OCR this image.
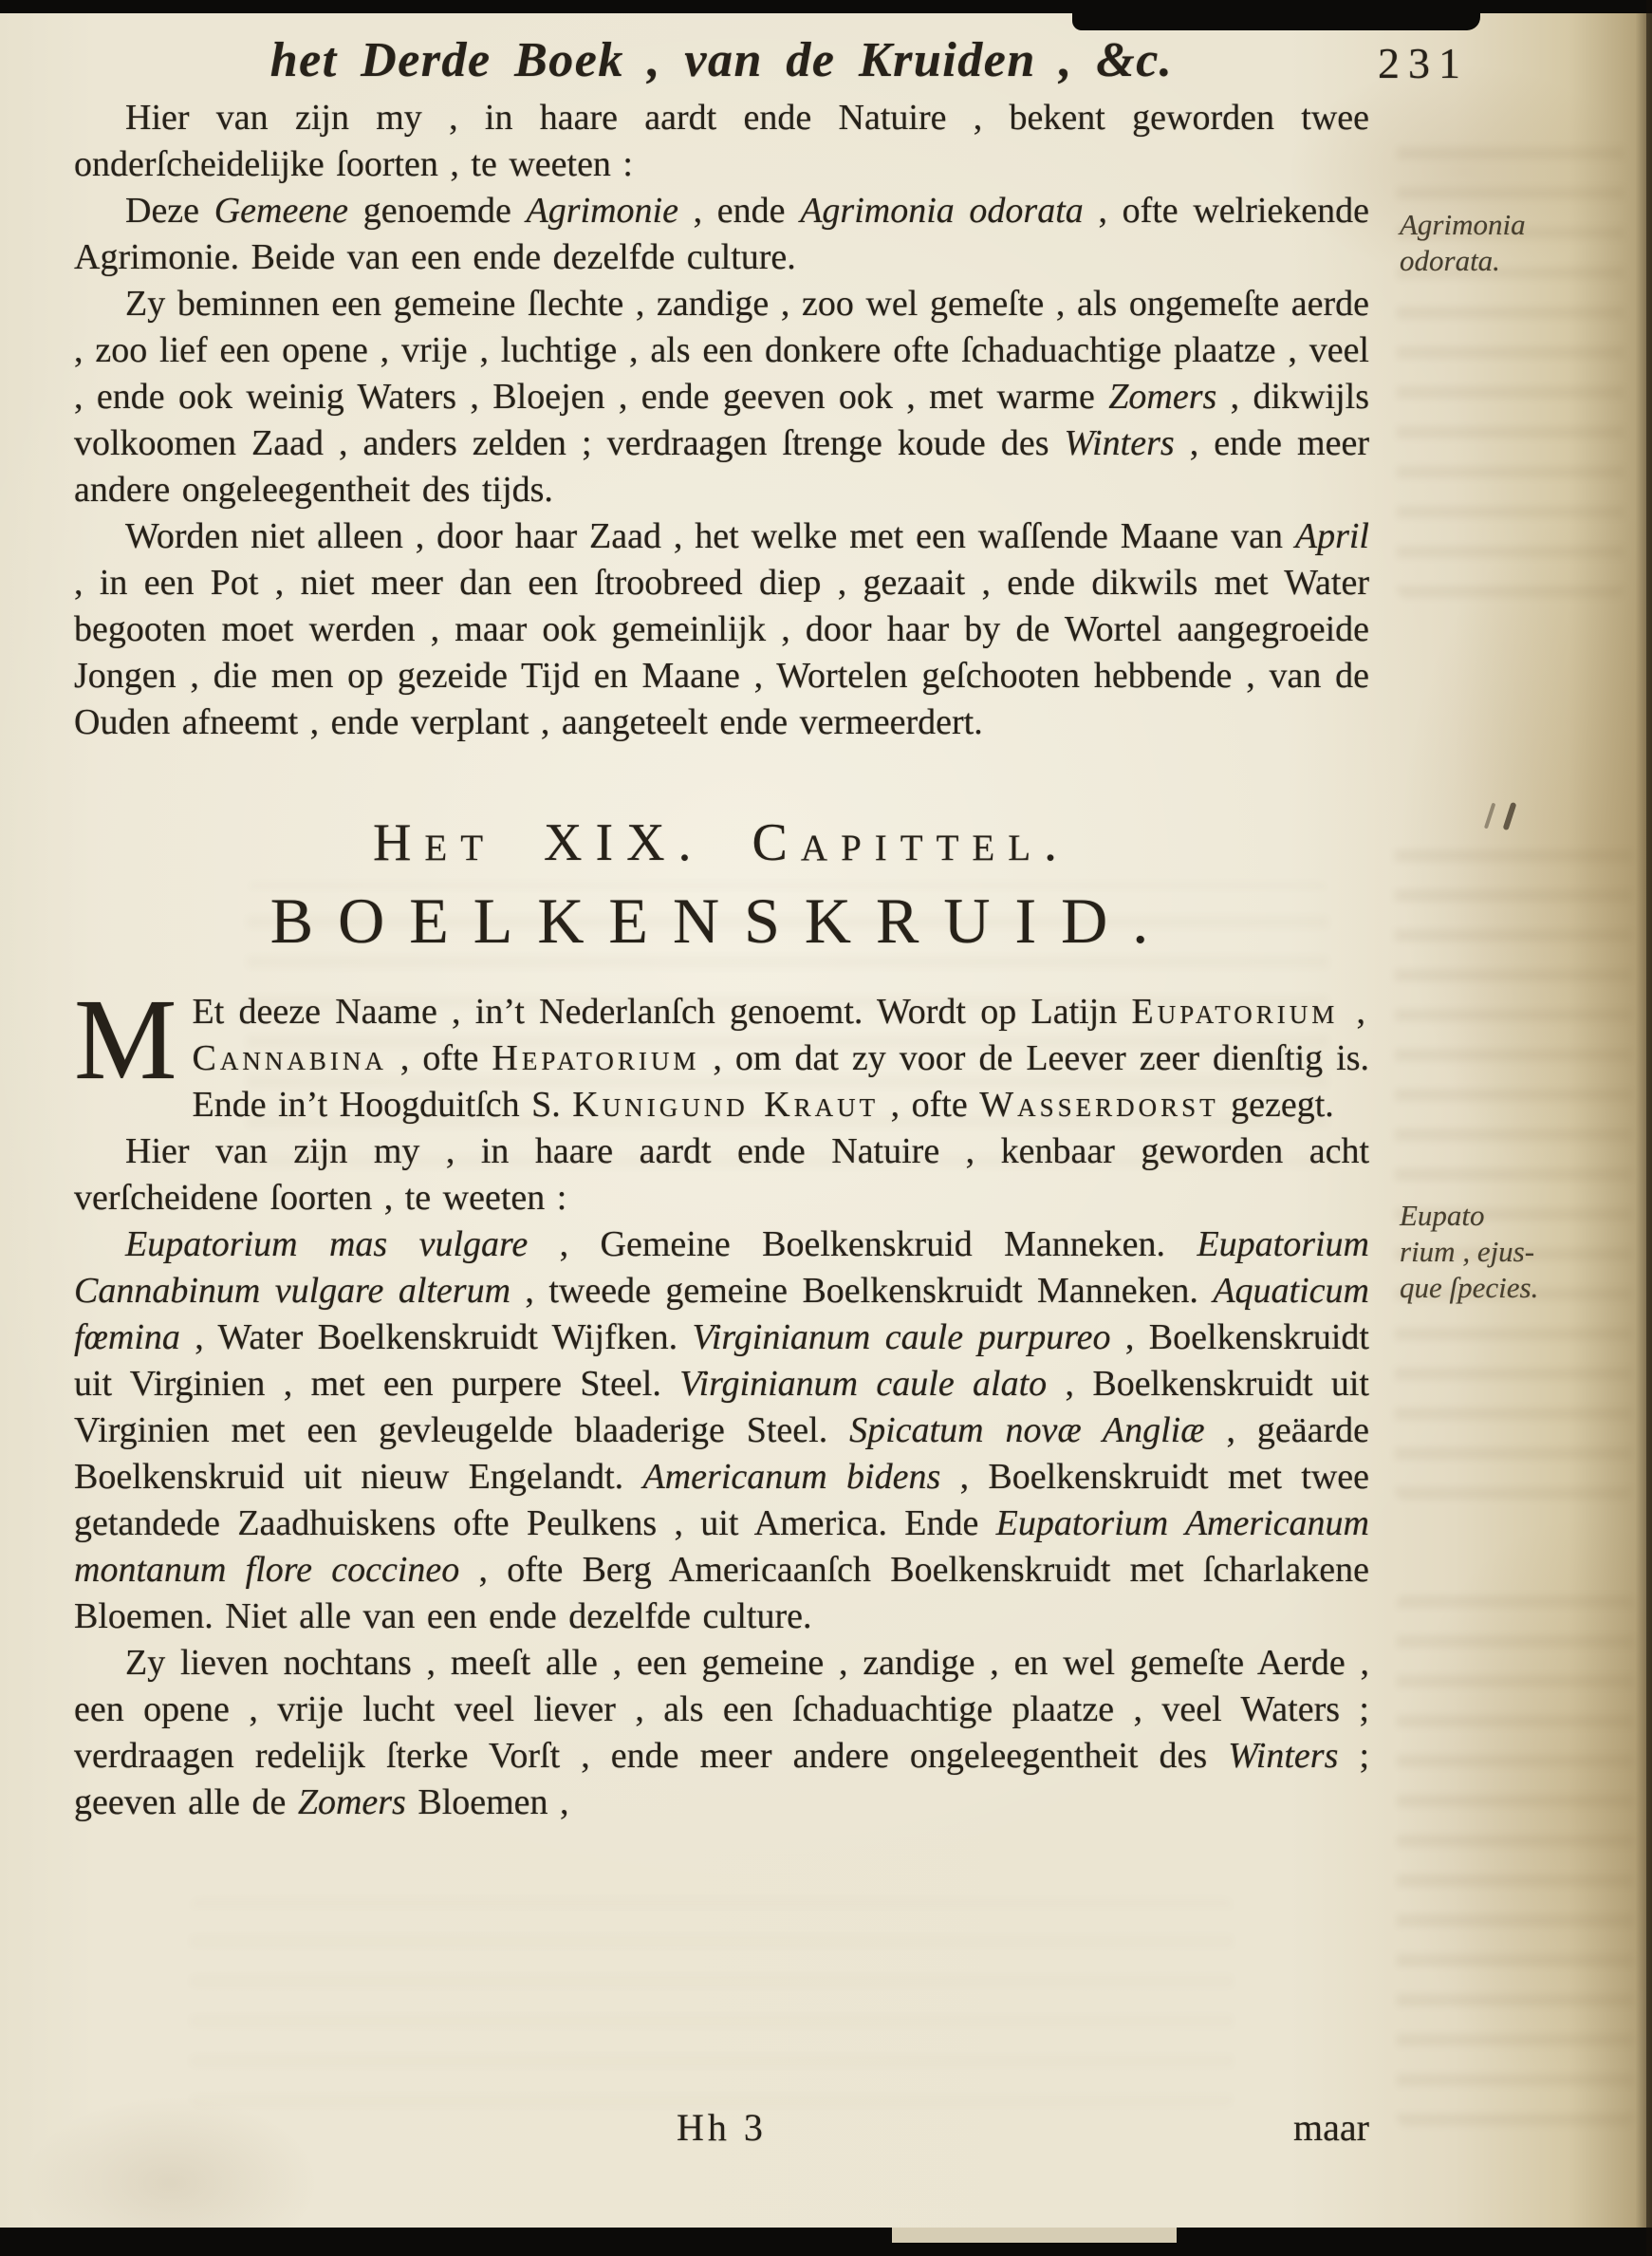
het Derde Boek , van de Kruiden , &c.	231

Hier van zijn my , in haare aardt ende Natuire , bekent geworden twee onderſcheidelijke ſoorten , te weeten :

Deze Gemeene genoemde Agrimonie , ende Agrimonia odorata , ofte welriekende Agrimonie. Beide van een ende dezelfde culture.

Zy beminnen een gemeine ſlechte , zandige , zoo wel gemeſte , als ongemeſte aerde , zoo lief een opene , vrije , luchtige , als een donkere ofte ſchaduachtige plaatze , veel , ende ook weinig Waters , Bloejen , ende geeven ook , met warme Zomers , dikwijls volkoomen Zaad , anders zelden ; verdraagen ſtrenge koude des Winters , ende meer andere ongeleegentheit des tijds.

Worden niet alleen , door haar Zaad , het welke met een waſſende Maane van April , in een Pot , niet meer dan een ſtroobreed diep , gezaait , ende dikwils met Water begooten moet werden , maar ook gemeinlijk , door haar by de Wortel aangegroeide Jongen , die men op gezeide Tijd en Maane , Wortelen geſchooten hebbende , van de Ouden afneemt , ende verplant , aangeteelt ende vermeerdert.

Het XIX. Capittel.

BOELKENSKRUID.

M Et deeze Naame , in’t Nederlanſch genoemt. Wordt op Latijn Eupatorium , Cannabina , ofte Hepatorium , om dat zy voor de Leever zeer dienſtig is. Ende in’t Hoogduitſch S. Kunigund Kraut , ofte Wasserdorst gezegt.

Hier van zijn my , in haare aardt ende Natuire , kenbaar geworden acht verſcheidene ſoorten , te weeten :

Eupatorium mas vulgare , Gemeine Boelkenskruid Manneken. Eupatorium Cannabinum vulgare alterum , tweede gemeine Boelkenskruidt Manneken. Aquaticum fœmina , Water Boelkenskruidt Wijfken. Virginianum caule purpureo , Boelkenskruidt uit Virginien , met een purpere Steel. Virginianum caule alato , Boelkenskruidt uit Virginien met een gevleugelde blaaderige Steel. Spicatum novæ Angliæ , geäarde Boelkenskruid uit nieuw Engelandt. Americanum bidens , Boelkenskruidt met twee getandede Zaadhuiskens ofte Peulkens , uit America. Ende Eupatorium Americanum montanum flore coccineo , ofte Berg Americaanſch Boelkenskruidt met ſcharlakene Bloemen. Niet alle van een ende dezelfde culture.

Zy lieven nochtans , meeſt alle , een gemeine , zandige , en wel gemeſte Aerde , een opene , vrije lucht veel liever , als een ſchaduachtige plaatze , veel Waters ; verdraagen redelijk ſterke Vorſt , ende meer andere ongeleegentheit des Winters ; geeven alle de Zomers Bloemen ,

Agrimonia
odorata.
Eupato
rium , ejus-
que ſpecies.
Hh 3	maar
